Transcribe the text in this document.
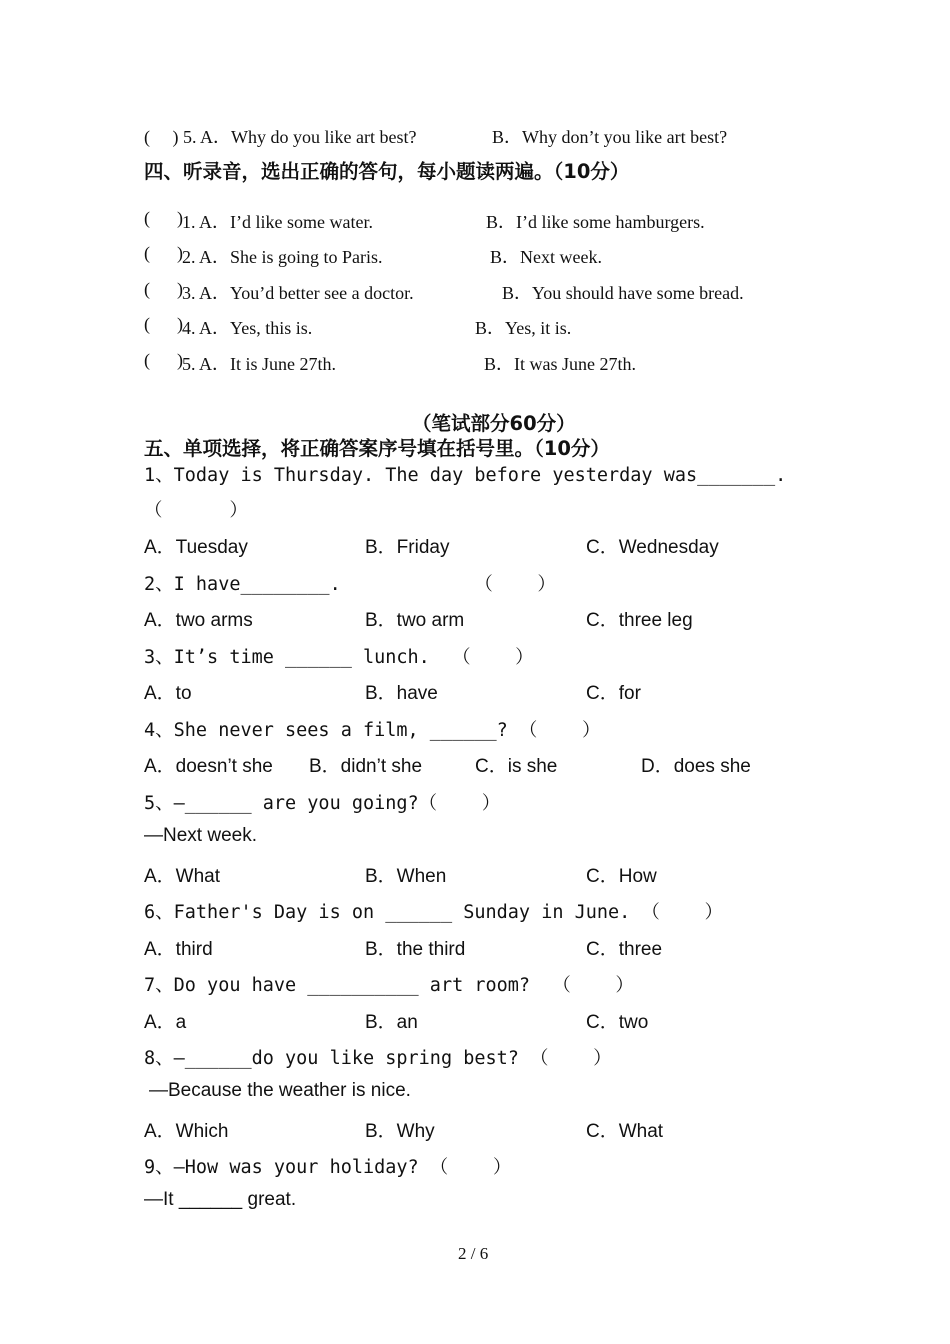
(     ) 5. A．Why do you like art best?	B．Why don’t you like art best?
四、听录音，选出正确的答句，每小题读两遍。（10分）
(      ) 1. A．I’d like some water.	B．I’d like some hamburgers.
(      ) 2. A．She is going to Paris.	B．Next week.
(      ) 3. A．You’d better see a doctor.	B．You should have some bread.
(      ) 4. A．Yes, this is.	B．Yes, it is.
(      ) 5. A．It is June 27th.	B．It was June 27th.
（笔试部分60分）
五、单项选择，将正确答案序号填在括号里。（10分）
1、Today is Thursday. The day before yesterday was_______.
（      ）
A．Tuesday	B．Friday	C．Wednesday
2、I have________.            （    ）
A．two arms	B．two arm	C．three leg
3、It’s time ______ lunch.  （    ）
A．to	B．have	C．for
4、She never sees a film, ______? （    ）
A．doesn’t she B．didn’t she	C．is she	D．does she
5、—______ are you going?（    ）
—Next week.
A．What	B．When	C．How
6、Father's Day is on ______ Sunday in June. （    ）
A．third	B．the third	C．three
7、Do you have __________ art room?  （    ）
A．a	B．an	C．two
8、—______do you like spring best? （    ）
—Because the weather is nice.
A．Which	B．Why	C．What
9、—How was your holiday? （    ）
—It ______ great.
2 / 6
